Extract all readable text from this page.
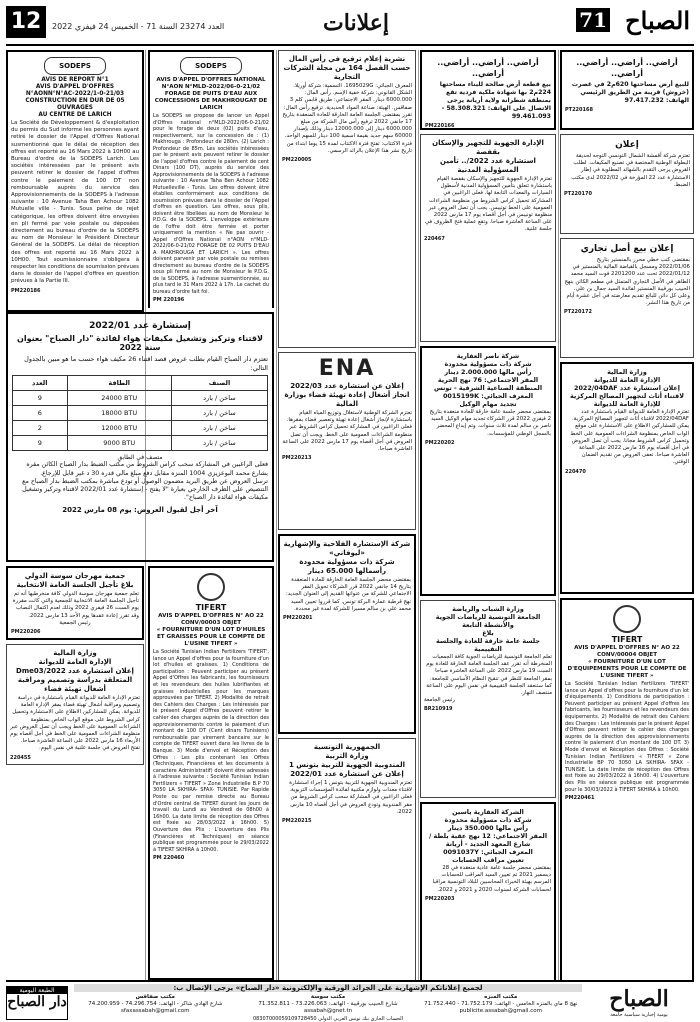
12	العدد 23274 السنة 71 - الخميس 24 فيفري 2022	إعلانات	71 الصباح
SODEPS
AVIS DE REPORT N°1
AVIS D'APPEL D'OFFRES N°AONN°N°AC-2022/1-0-21/03
CONSTRUCTION EN DUR DE 05 OUVRAGES
AU CENTRE DE LARICH
La Société de Développement & d'exploitation du permis du Sud informe les personnes ayant retiré le dossier de l'Appel d'Offres National susmentionné que le délai de réception des offres est reporté au 16 Mars 2022 à 10H00 au Bureau d'ordre de la SODEPS Larich. Les sociétés intéressées par le présent avis peuvent retirer le dossier de l'appel d'offres contre le paiement de 100 DT non remboursable auprès du service des Approvisionnements de la SODEPS à l'adresse suivante : 10 Avenue Taha Ben Achour 1082 Mutuelle ville - Tunis. Sous peine de rejet catégorique, les offres doivent être envoyées en pli fermé par voie postale ou déposées directement au bureau d'ordre de la SODEPS au nom de Monsieur le Président Directeur Général de la SODEPS. Le délai de réception des offres est reporté au 16 Mars 2022 à 10H00. Tout soumissionnaire s'obligera à respecter les conditions de soumission prévues dans le dossier de l'appel d'offres en question prévues à la Partie III.
PM220186
إستشارة عدد 2022/01
لاقتناء وتركيز وتشغيل مكيفات هواء لفائدة "دار الصباح" بعنوان سنة 2022
تعتزم دار الصباح القيام بطلب عروض قصد اقتناء 26 مكيف هواء حسب ما هو مبين بالجدول التالي:
العدد	الطاقة	الصنف
9	24000 BTU	ساخن / بارد
6	18000 BTU	ساخن / بارد
2	12000 BTU	ساخن / بارد
9	9000 BTU	ساخن / بارد
متصف في الطابق
فعلى الراغبين في المشاركة سحب كراس الشروط من مكتب الضبط بدار الصباح الكائن مقره بشارع محمد البوعزيزي 1004 المنزه مقابل دفع مبلغ مالي قدره 30 د غير قابل للإرجاع.
ترسل العروض عن طريق البريد مضمون الوصول أو تودع مباشرة بمكتب الضبط بدار الصباح مع التنصيص على الظرف الخارجي بعبارة "لا يفتح - إستشارة عدد 2022/01 لاقتناء وتركيز وتشغيل مكيفات هواء لفائدة دار الصباح".
آخر أجل لقبول العروض: يوم 08 مارس 2022
جمعية مهرجان سوسة الدولي
بلاغ تأجيل الجلسة العامة الانتخابية
تعلم جمعية مهرجان سوسة الدولي كافة منخرطيها أنه تم تأجيل الجلسة العامة الانتخابية للجمعية والتي كانت مقررة يوم السبت 26 فيفري 2022 وذلك لعدم اكتمال النصاب وقد تقرر إعادة عقدها يوم الأحد 13 مارس 2022.
رئيس الجمعية
PM220206
وزارة المالية
الإدارة العامة للديوانة
إعلان استشارة عدد 2022/Dme03 المتعلقة بدراسة وتصميم ومراقبة أشغال تهيئة فضاء
تعتزم الإدارة العامة للديوانة القيام باستشارة في دراسة وتصميم ومراقبة أشغال تهيئة فضاء بمقر الإدارة العامة للديوانة. يمكن للمشاركين الاطلاع على الاستشارة وتحميل كراس الشروط على موقع الواب الخاص بمنظومة الشراءات العمومية على الخط ويجب أن تصل العروض عبر منظومة الشراءات العمومية على الخط في أجل أقصاه يوم الأربعاء 16 مارس 2022 على الساعة العاشرة صباحا. تفتح العروض في جلسة علنية في نفس اليوم.
220455
SODEPS
AVIS D'APPEL D'OFFRES NATIONAL N°AON N°MLD-2022/06-0-21/02
FORAGE DE PUITS D'EAU AUX CONCESSIONS DE MAKHROUGAT DE LARICH
La SODEPS se propose de lancer un Appel d'Offres national n°MLD-2022/06-0-21/02 pour le forage de deux (02) puits d'eau, respectivement, sur la concession de : (1) Makhrouga : Profondeur de 280m. (2) Larich : Profondeur de 85m. Les sociétés intéressées par le présent avis peuvent retirer le dossier de l'appel d'offres contre le paiement de cent Dinars (100 DT), auprès du service des Approvisionnements de la SODEPS à l'adresse suivante : 10 Avenue Taha Ben Achour 1082 Mutuelleville - Tunis. Les offres doivent être établies conformément aux conditions de soumission prévues dans le dossier de l'Appel d'offres en question. Les offres, sous plis, doivent être libellées au nom de Monsieur le P.D.G. de la SODEPS. L'enveloppe extérieure de l'offre doit être fermée et porter uniquement la mention « Ne pas ouvrir - Appel d'Offres National n°AON n°MLD-2022/06-0-21/02 FORAGE DE 02 PUITS D'EAU A MAKHROUGA ET LARICH ». Les offres doivent parvenir par voie postale ou remises directement au bureau d'ordre de la SODEPS sous pli fermé au nom de Monsieur le P.D.G. de la SODEPS, à l'adresse susmentionnée, au plus tard le 31 Mars 2022 à 17h. Le cachet du bureau d'ordre fait foi.
PM 220196
TIFERT
AVIS D'APPEL D'OFFRES N° AO 22 CONV/00003 OBJET
« FOURNITURE D'UN LOT D'HUILES ET GRAISSES POUR LE COMPTE DE L'USINE TIFERT »
La Société Tunisian Indian Fertilizers 'TIFERT', lance un Appel d'offres pour la fourniture d'un lot d'huiles et graisses. 1) Conditions de participation : Peuvent participer au présent Appel d'Offres les fabricants, les fournisseurs et les revendeurs des huiles lubrifiantes et graisses industrielles pour les marques approuvées par TIFERT. 2) Modalité de retrait des Cahiers des Charges : Les intéressés par le présent Appel d'Offres peuvent retirer le cahier des charges auprès de la direction des approvisionnements contre le paiement d'un montant de 100 DT (Cent dinars Tunisiens) remboursable par virement bancaire sur le compte de TIFERT ouvert dans les livres de la Banque. 3) Mode d'envoi et Réception des Offres : Les plis contenant les Offres (Techniques, Financières et les documents à caractère Administratif) doivent être adressés à l'adresse suivante : Société Tunisian Indian Fertilizers « TIFERT » Zone Industrielle B.P 70 3050 LA SKHIRA- SFAX- TUNISIE. Par Rapide Poste ou par remise directe au Bureau d'Ordre central de TIFERT durant les jours de travail du Lundi au Vendredi de 08h00 à 16h00. La date limite de réception des Offres est fixée au 28/03/2022 à 16h00. 5) Ouverture des Plis : L'ouverture des Plis (Financières et Techniques) en séance publique est programmée pour le 29/03/2022 à TIFERT SKHIRA à 10h00.
PM 220460
نشرية إعلام ترفيع في رأس المال حسب الفصل 164 من مجلة الشركات التجارية
المعرف الجبائي: 1695029G. التسمية: شركة أوريلا. الشكل القانوني: شركة خفية الإسم. رأس المال: 6000.000 دينار. المقر الاجتماعي: طريق قابس كلم 3 صفاقس. الهيئة: صناعة المواد الحديدية. ترفيع رأس المال: تقرر بمقتضى الجلسة العامة الخارقة للعادة المنعقدة بتاريخ 17 جانفي 2022 ترفيع رأس مال الشركة من مبلغ 6000.000 دينار إلى 12000.000 دينار وذلك بإصدار 60000 سهم جديد بقيمة اسمية 100 دينار للسهم الواحد. فترة الاكتتاب: تفتح فترة الاكتتاب لمدة 15 يوما ابتداء من تاريخ نشر هذا الإعلان بالرائد الرسمي.
PM220005
ENA
إعلان عن استشارة عدد 2022/03
انجاز أشغال إعادة تهيئة فضاء بوزارة المالية
تعتزم الشركة الوطنية لاستغلال وتوزيع المياه القيام باستشارة لإنجاز أشغال إعادة تهيئة وتعصير فضاء بمقرها. فعلى الراغبين في المشاركة تحميل كراس الشروط عبر منظومة الشراءات العمومية على الخط. ويجب أن تصل العروض في أجل أقصاه يوم 17 مارس 2022 على الساعة العاشرة صباحا.
PM220213
شركة الإستشارة الفلاحية والإشهارية «ليوفاني»
شركة ذات مسؤولية محدودة
رأسمالها 65.000 دينار
بمقتضى محضر الجلسة العامة الخارقة للعادة المنعقدة بتاريخ 14 جانفي 2022 قرر الشركاء تحويل المقر الاجتماعي للشركة من عنوانها القديم إلى العنوان الجديد: نهج قرطبة عمارة البركة تونس. كما قرروا تعيين السيد محمد علي بن سالم مسيرا للشركة لمدة غير محددة.
PM220201
الجمهورية التونسية
وزارة التربية
المندوبية الجهوية للتربية بتونس 1
إعلان عن استشارة عدد 2022/01
تعتزم المندوبية الجهوية للتربية بتونس 1 إجراء استشارة لاقتناء معدات ولوازم مكتبية لفائدة المؤسسات التربوية. فعلى الراغبين في المشاركة سحب كراس الشروط من مقر المندوبية وتودع العروض في أجل أقصاه 10 مارس 2022.
PM220215
أراضي.. أراضي.. أراضي.. أراضي..
بيع قطعة أرض صالحة للبناء مساحتها 224م2 بها شهادة ملكية فردية تقع بمنطقة شطرانة ولاية أريانة يرجى الاتصال على الهاتف: 58.308.321 - 99.461.093
PM220166
الإدارة الجهوية للتجهيز والإسكان بقفصة
استشارة عدد 2022/.. تأمين المسؤولية المدنية
تعتزم الإدارة الجهوية للتجهيز والإسكان بقفصة القيام باستشارة تتعلق بتأمين المسؤولية المدنية لأسطول السيارات والمعدات التابعة لها. فعلى الراغبين في المشاركة تحميل كراس الشروط من منظومة الشراءات العمومية على الخط تونيبس. يجب أن تصل العروض عبر منظومة تونيبس في أجل أقصاه يوم 17 مارس 2022 على الساعة العاشرة صباحا. وتقع عملية فتح الظروف في جلسة علنية.
220467
شركة ناصر العقارية
شركة ذات مسؤولية محدودة
رأس مالها 2.000.000 دينار
المقر الاجتماعي: 76 نهج الحرية المنطقة الصناعية الشرقية - تونس
المعرف الجبائي: 0015199K
تجديد مهام الوكيل
بمقتضى محضر جلسة عامة خارقة للعادة منعقدة بتاريخ 2 فيفري 2022 قرر الشركاء تجديد مهام الوكيل السيد ناصر بن سالم لمدة ثلاث سنوات. وتم إيداع المحضر بالسجل الوطني للمؤسسات.
PM220202
وزارة الشباب والرياضة
الجامعة التونسية للرياضات الجوية والأنشطة التابعة
بلاغ
جلسة عامة خارقة للعادة والجلسة التقييمية
تعلم الجامعة التونسية للرياضات الجوية كافة الجمعيات المنخرطة أنه تقرر عقد الجلسة العامة الخارقة للعادة يوم السبت 19 مارس 2022 على الساعة العاشرة صباحا بمقر الجامعة للنظر في تنقيح النظام الأساسي للجامعة. كما ستنعقد الجلسة التقييمية في نفس اليوم على الساعة منتصف النهار.
رئيس الجامعة
BR210919
الشركة العقارية ياسين
شركة ذات مسؤولية محدودة
رأس مالها 350.000 دينار
المقر الاجتماعي: 12 نهج عقبة بلطة / شارع المعهد الجديد - أريانة
المعرف الجبائي: 0091037Y
تعيين مراقب الحسابات
بمقتضى محضر جلسة عامة عادية منعقدة في 28 ديسمبر 2021 تم تعيين السيد المراقب للحسابات المرسم بهيئة الخبراء المحاسبين للبلاد التونسية مراقبا لحسابات الشركة لسنوات 2020 و 2021 و 2022.
PM220203
أراضي.. أراضي.. أراضي.. أراضي..
للبيع أرض مساحتها 620م2 في غصرت (خروش) قريبة من الطريق الرئيسي الهاتف: 97.417.232
PT220168
إعلان
تعتزم شركة أقمشة الشمال التونسي التوجه لحديقة البطولة الوطنية المختصة في تصنيع المكيفات. لطلب القروض يرجى التقدم بالشهائد المطلوبة في إطار الاستشارة عدد 22 المؤرخة في 2022/02 لدى مكتب الضبط.
PT220170
إعلان بيع أصل تجاري
بمقتضى كتب خطي محرر بالمنستير بتاريخ 2022/01/06 ومسجل بالقباضة المالية بالمنستير في 2022/01/12 تحت عدد 2201200 فوت السيد محمد الطاهر في الأصل التجاري المتمثل في مطعم الكائن بنهج الحبيب بورقيبة المنستير لفائدة السيد جمال بن علي. وعلى كل دائن للبائع تقديم معارضته في أجل عشرة أيام من تاريخ هذا النشر.
PT220172
وزارة المالية
الإدارة العامة للديوانة
إعلان استشارة عدد 2022/04DAF
لاقتناء أثاث لتجهيز المصالح المركزية للإدارة العامة للديوانة
تعتزم الإدارة العامة للديوانة القيام باستشارة عدد 2022/04DAF لاقتناء أثاث لتجهيز المصالح المركزية. يمكن للمشاركين الاطلاع على الاستشارة على موقع الواب الخاص بمنظومة الشراءات العمومية على الخط وتحميل كراس الشروط مجانا. يجب أن تصل العروض في أجل أقصاه يوم 16 مارس 2022 على الساعة العاشرة صباحا. تعفى العروض من تقديم الضمان الوقتي.
220470
TIFERT
AVIS D'APPEL D'OFFRES N° AO 22 CONV/00004 OBJET
« FOURNITURE D'UN LOT D'EQUIPEMENTS POUR LE COMPTE DE L'USINE TIFERT »
La Société Tunisian Indian Fertilizers 'TIFERT' lance un Appel d'offres pour la fourniture d'un lot d'équipements. 1) Conditions de participation : Peuvent participer au présent Appel d'offres les fabricants, les fournisseurs et les revendeurs des équipements. 2) Modalité de retrait des Cahiers des Charges : Les intéressés par le présent Appel d'Offres peuvent retirer le cahier des charges auprès de la direction des approvisionnements contre le paiement d'un montant de 100 DT. 3) Mode d'envoi et Réception des Offres : Société Tunisian Indian Fertilizers « TIFERT » Zone Industrielle BP 70 3050 LA SKHIRA- SFAX - TUNISIE. La date limite de réception des Offres est fixée au 29/03/2022 à 16h00. 4) L'ouverture des Plis en séance publique est programmée pour le 30/03/2022 à TIFERT SKHIRA à 10h00.
PM220461
الطبعة اليومية
دار الصباح
لجميع إعلاناتكم الإشهارية على الجرائد الورقية والإلكترونية «دار الصباح» يرجى الإتصال ب:
مكتب المنزه
نهج 8 ماي بالمنزه الخامس - الهاتف: 71.752.179 - 71.752.440
publicite.assabah@gmail.com
مكتب سوسة
شارع الحبيب بورقيبة - الهاتف: 73.226.063 - 71.352.811
assabah@gnet.tn
مكتب صفاقس
شارع الهادي شاكر - الهاتف: 74.296.754 - 74.200.959
sfaxassabah@gmail.com
الحساب الجاري بنك تونس العربي الدولي 08307000059109728450
الصباح
يومية إخبارية سياسية جامعة
